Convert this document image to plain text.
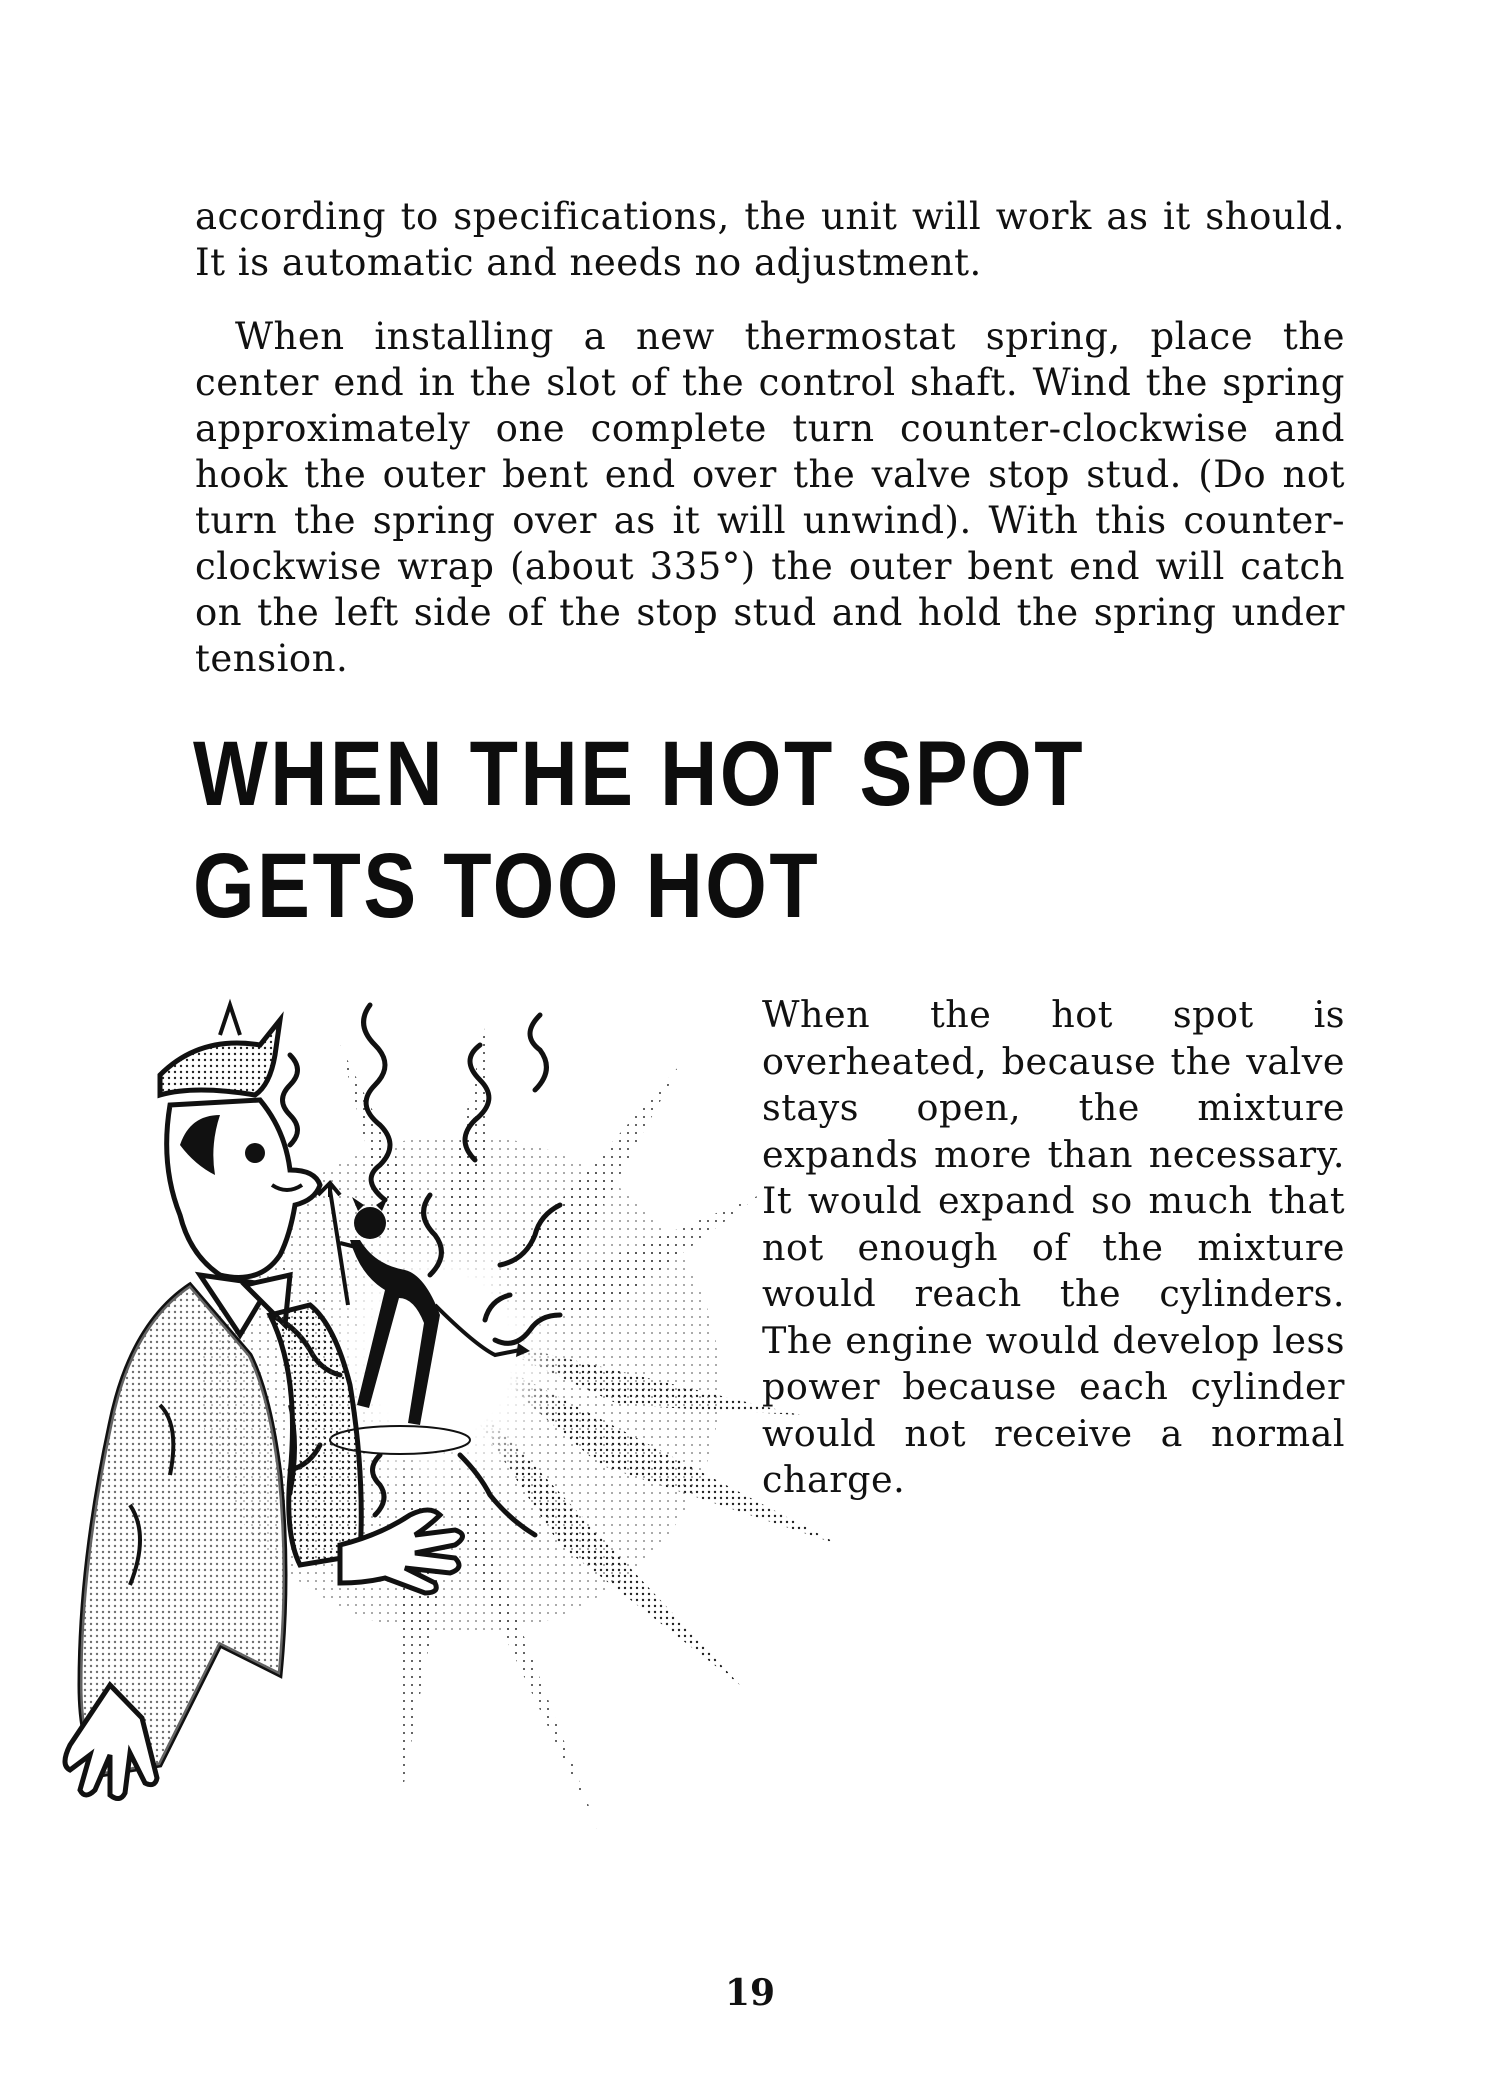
according to specifications, the unit will work as it should. It is automatic and needs no adjustment.

When installing a new thermostat spring, place the center end in the slot of the control shaft. Wind the spring approximately one complete turn counter-clockwise and hook the outer bent end over the valve stop stud. (Do not turn the spring over as it will unwind). With this counter-clockwise wrap (about 335°) the outer bent end will catch on the left side of the stop stud and hold the spring under tension.

WHEN THE HOT SPOT
GETS TOO HOT

When the hot spot is overheated, because the valve stays open, the mixture expands more than necessary. It would expand so much that not enough of the mixture would reach the cylinders. The engine would develop less power because each cylinder would not receive a normal charge.

19
